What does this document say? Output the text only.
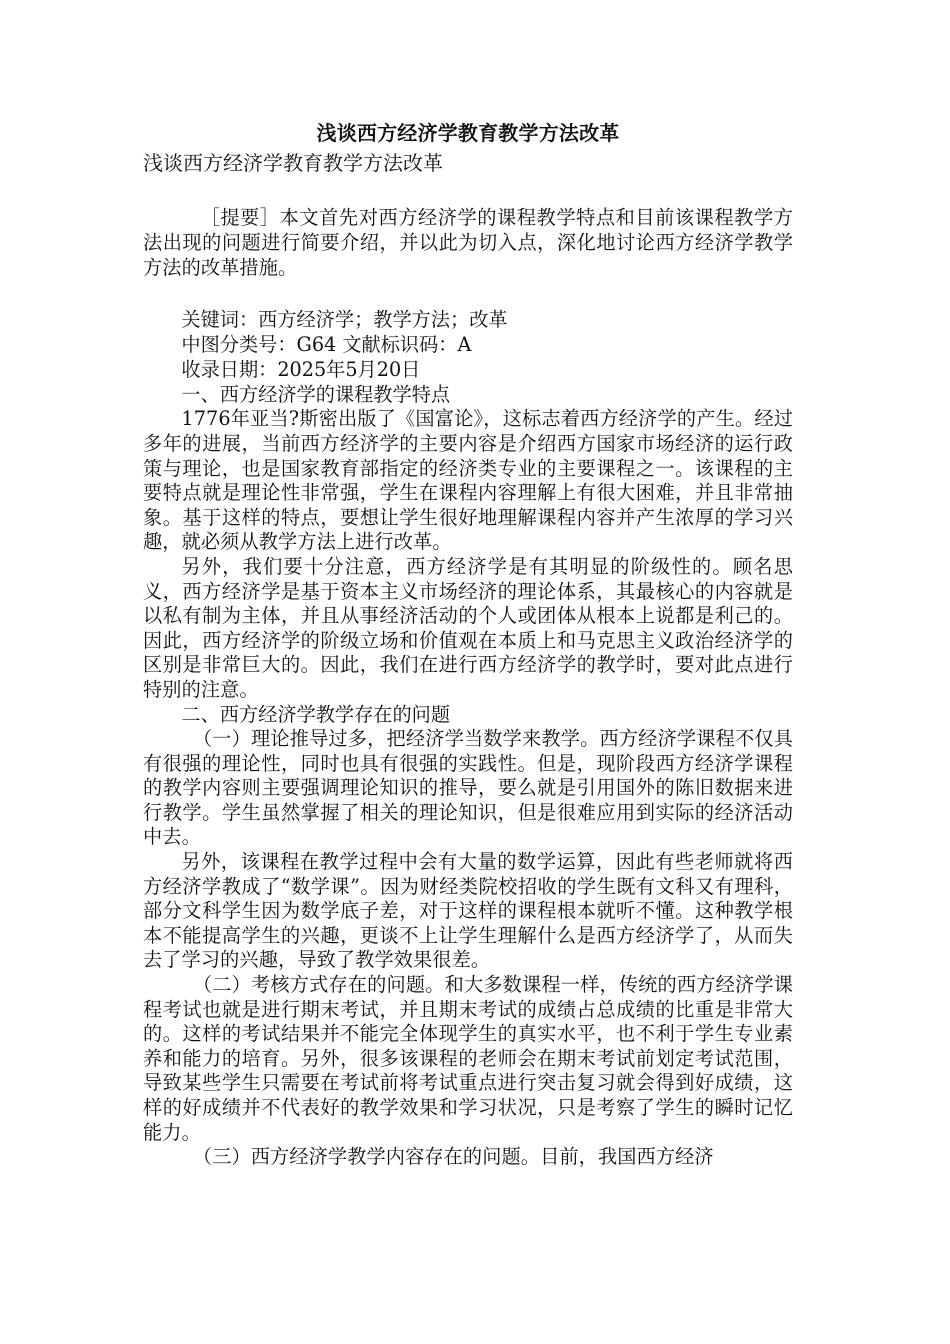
浅谈西方经济学教育教学方法改革

浅谈西方经济学教育教学方法改革

［提要］本文首先对西方经济学的课程教学特点和目前该课程教学方法出现的问题进行简要介绍，并以此为切入点，深化地讨论西方经济学教学方法的改革措施。

关键词：西方经济学；教学方法；改革

中图分类号：G64 文献标识码：A

收录日期：2025年5月20日

一、西方经济学的课程教学特点

1776年亚当?斯密出版了《国富论》，这标志着西方经济学的产生。经过多年的进展，当前西方经济学的主要内容是介绍西方国家市场经济的运行政策与理论，也是国家教育部指定的经济类专业的主要课程之一。该课程的主要特点就是理论性非常强，学生在课程内容理解上有很大困难，并且非常抽象。基于这样的特点，要想让学生很好地理解课程内容并产生浓厚的学习兴趣，就必须从教学方法上进行改革。

另外，我们要十分注意，西方经济学是有其明显的阶级性的。顾名思义，西方经济学是基于资本主义市场经济的理论体系，其最核心的内容就是以私有制为主体，并且从事经济活动的个人或团体从根本上说都是利己的。因此，西方经济学的阶级立场和价值观在本质上和马克思主义政治经济学的区别是非常巨大的。因此，我们在进行西方经济学的教学时，要对此点进行特别的注意。

二、西方经济学教学存在的问题

（一）理论推导过多，把经济学当数学来教学。西方经济学课程不仅具有很强的理论性，同时也具有很强的实践性。但是，现阶段西方经济学课程的教学内容则主要强调理论知识的推导，要么就是引用国外的陈旧数据来进行教学。学生虽然掌握了相关的理论知识，但是很难应用到实际的经济活动中去。

另外，该课程在教学过程中会有大量的数学运算，因此有些老师就将西方经济学教成了“数学课”。因为财经类院校招收的学生既有文科又有理科，部分文科学生因为数学底子差，对于这样的课程根本就听不懂。这种教学根本不能提高学生的兴趣，更谈不上让学生理解什么是西方经济学了，从而失去了学习的兴趣，导致了教学效果很差。

（二）考核方式存在的问题。和大多数课程一样，传统的西方经济学课程考试也就是进行期末考试，并且期末考试的成绩占总成绩的比重是非常大的。这样的考试结果并不能完全体现学生的真实水平，也不利于学生专业素养和能力的培育。另外，很多该课程的老师会在期末考试前划定考试范围，导致某些学生只需要在考试前将考试重点进行突击复习就会得到好成绩，这样的好成绩并不代表好的教学效果和学习状况，只是考察了学生的瞬时记忆能力。

（三）西方经济学教学内容存在的问题。目前，我国西方经济
